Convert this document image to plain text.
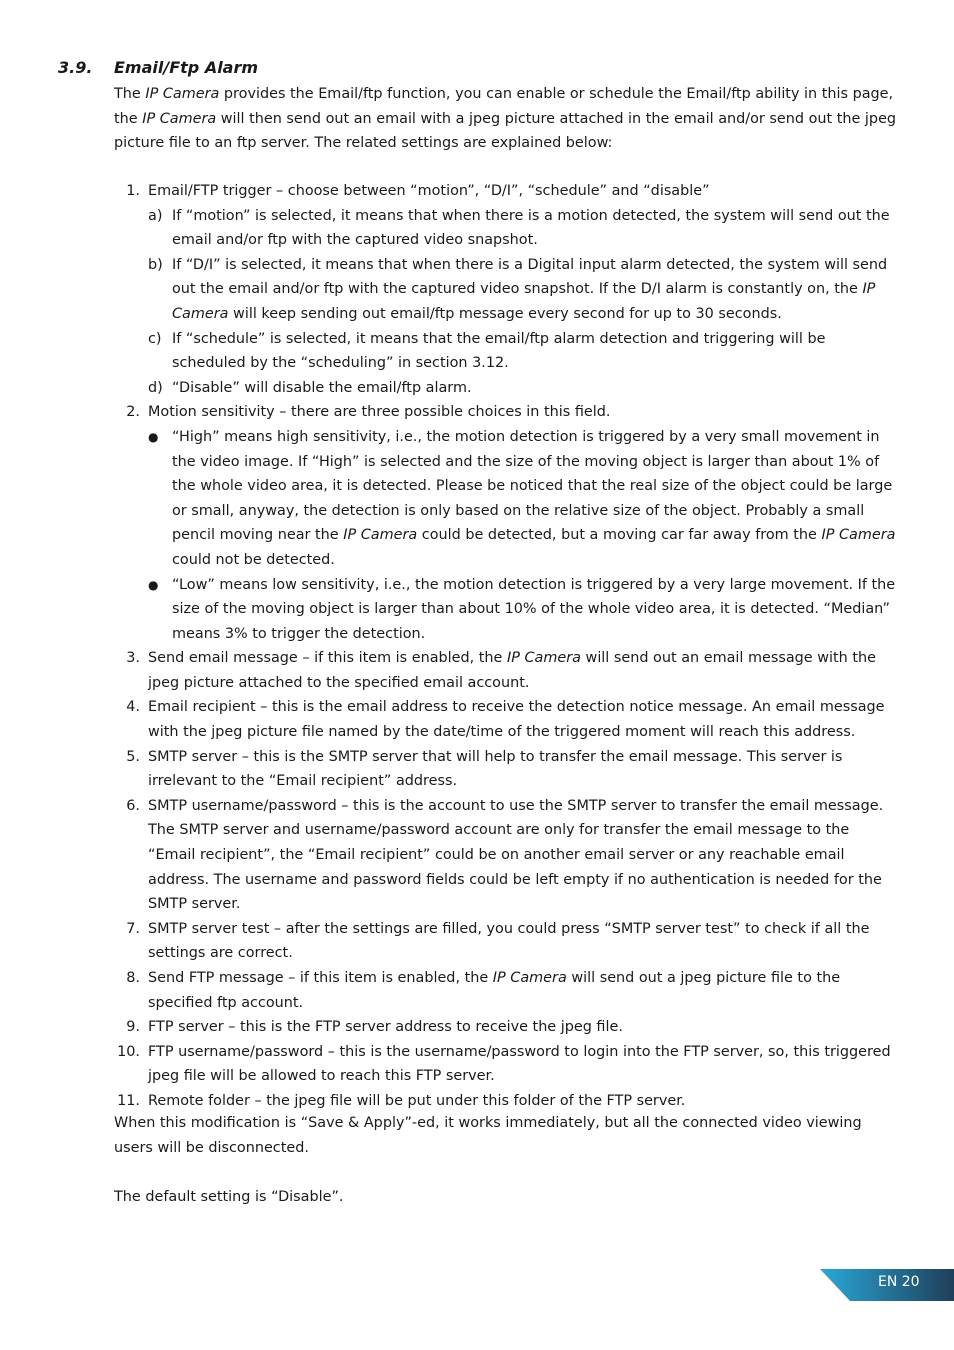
3.9. Email/Ftp Alarm

The IP Camera provides the Email/ftp function, you can enable or schedule the Email/ftp ability in this page, the IP Camera will then send out an email with a jpeg picture attached in the email and/or send out the jpeg picture file to an ftp server. The related settings are explained below:

1. Email/FTP trigger – choose between “motion”, “D/I”, “schedule” and “disable”
a) If “motion” is selected, it means that when there is a motion detected, the system will send out the email and/or ftp with the captured video snapshot.
b) If “D/I” is selected, it means that when there is a Digital input alarm detected, the system will send out the email and/or ftp with the captured video snapshot. If the D/I alarm is constantly on, the IP Camera will keep sending out email/ftp message every second for up to 30 seconds.
c) If “schedule” is selected, it means that the email/ftp alarm detection and triggering will be scheduled by the “scheduling” in section 3.12.
d) “Disable” will disable the email/ftp alarm.
2. Motion sensitivity – there are three possible choices in this field.
● “High” means high sensitivity, i.e., the motion detection is triggered by a very small movement in the video image. If “High” is selected and the size of the moving object is larger than about 1% of the whole video area, it is detected. Please be noticed that the real size of the object could be large or small, anyway, the detection is only based on the relative size of the object. Probably a small pencil moving near the IP Camera could be detected, but a moving car far away from the IP Camera could not be detected.
● “Low” means low sensitivity, i.e., the motion detection is triggered by a very large movement. If the size of the moving object is larger than about 10% of the whole video area, it is detected. “Median” means 3% to trigger the detection.
3. Send email message – if this item is enabled, the IP Camera will send out an email message with the jpeg picture attached to the specified email account.
4. Email recipient – this is the email address to receive the detection notice message. An email message with the jpeg picture file named by the date/time of the triggered moment will reach this address.
5. SMTP server – this is the SMTP server that will help to transfer the email message. This server is irrelevant to the “Email recipient” address.
6. SMTP username/password – this is the account to use the SMTP server to transfer the email message. The SMTP server and username/password account are only for transfer the email message to the “Email recipient”, the “Email recipient” could be on another email server or any reachable email address. The username and password fields could be left empty if no authentication is needed for the SMTP server.
7. SMTP server test – after the settings are filled, you could press “SMTP server test” to check if all the settings are correct.
8. Send FTP message – if this item is enabled, the IP Camera will send out a jpeg picture file to the specified ftp account.
9. FTP server – this is the FTP server address to receive the jpeg file.
10. FTP username/password – this is the username/password to login into the FTP server, so, this triggered jpeg file will be allowed to reach this FTP server.
11. Remote folder – the jpeg file will be put under this folder of the FTP server.

When this modification is “Save & Apply”-ed, it works immediately, but all the connected video viewing users will be disconnected.

The default setting is “Disable”.

EN 20
